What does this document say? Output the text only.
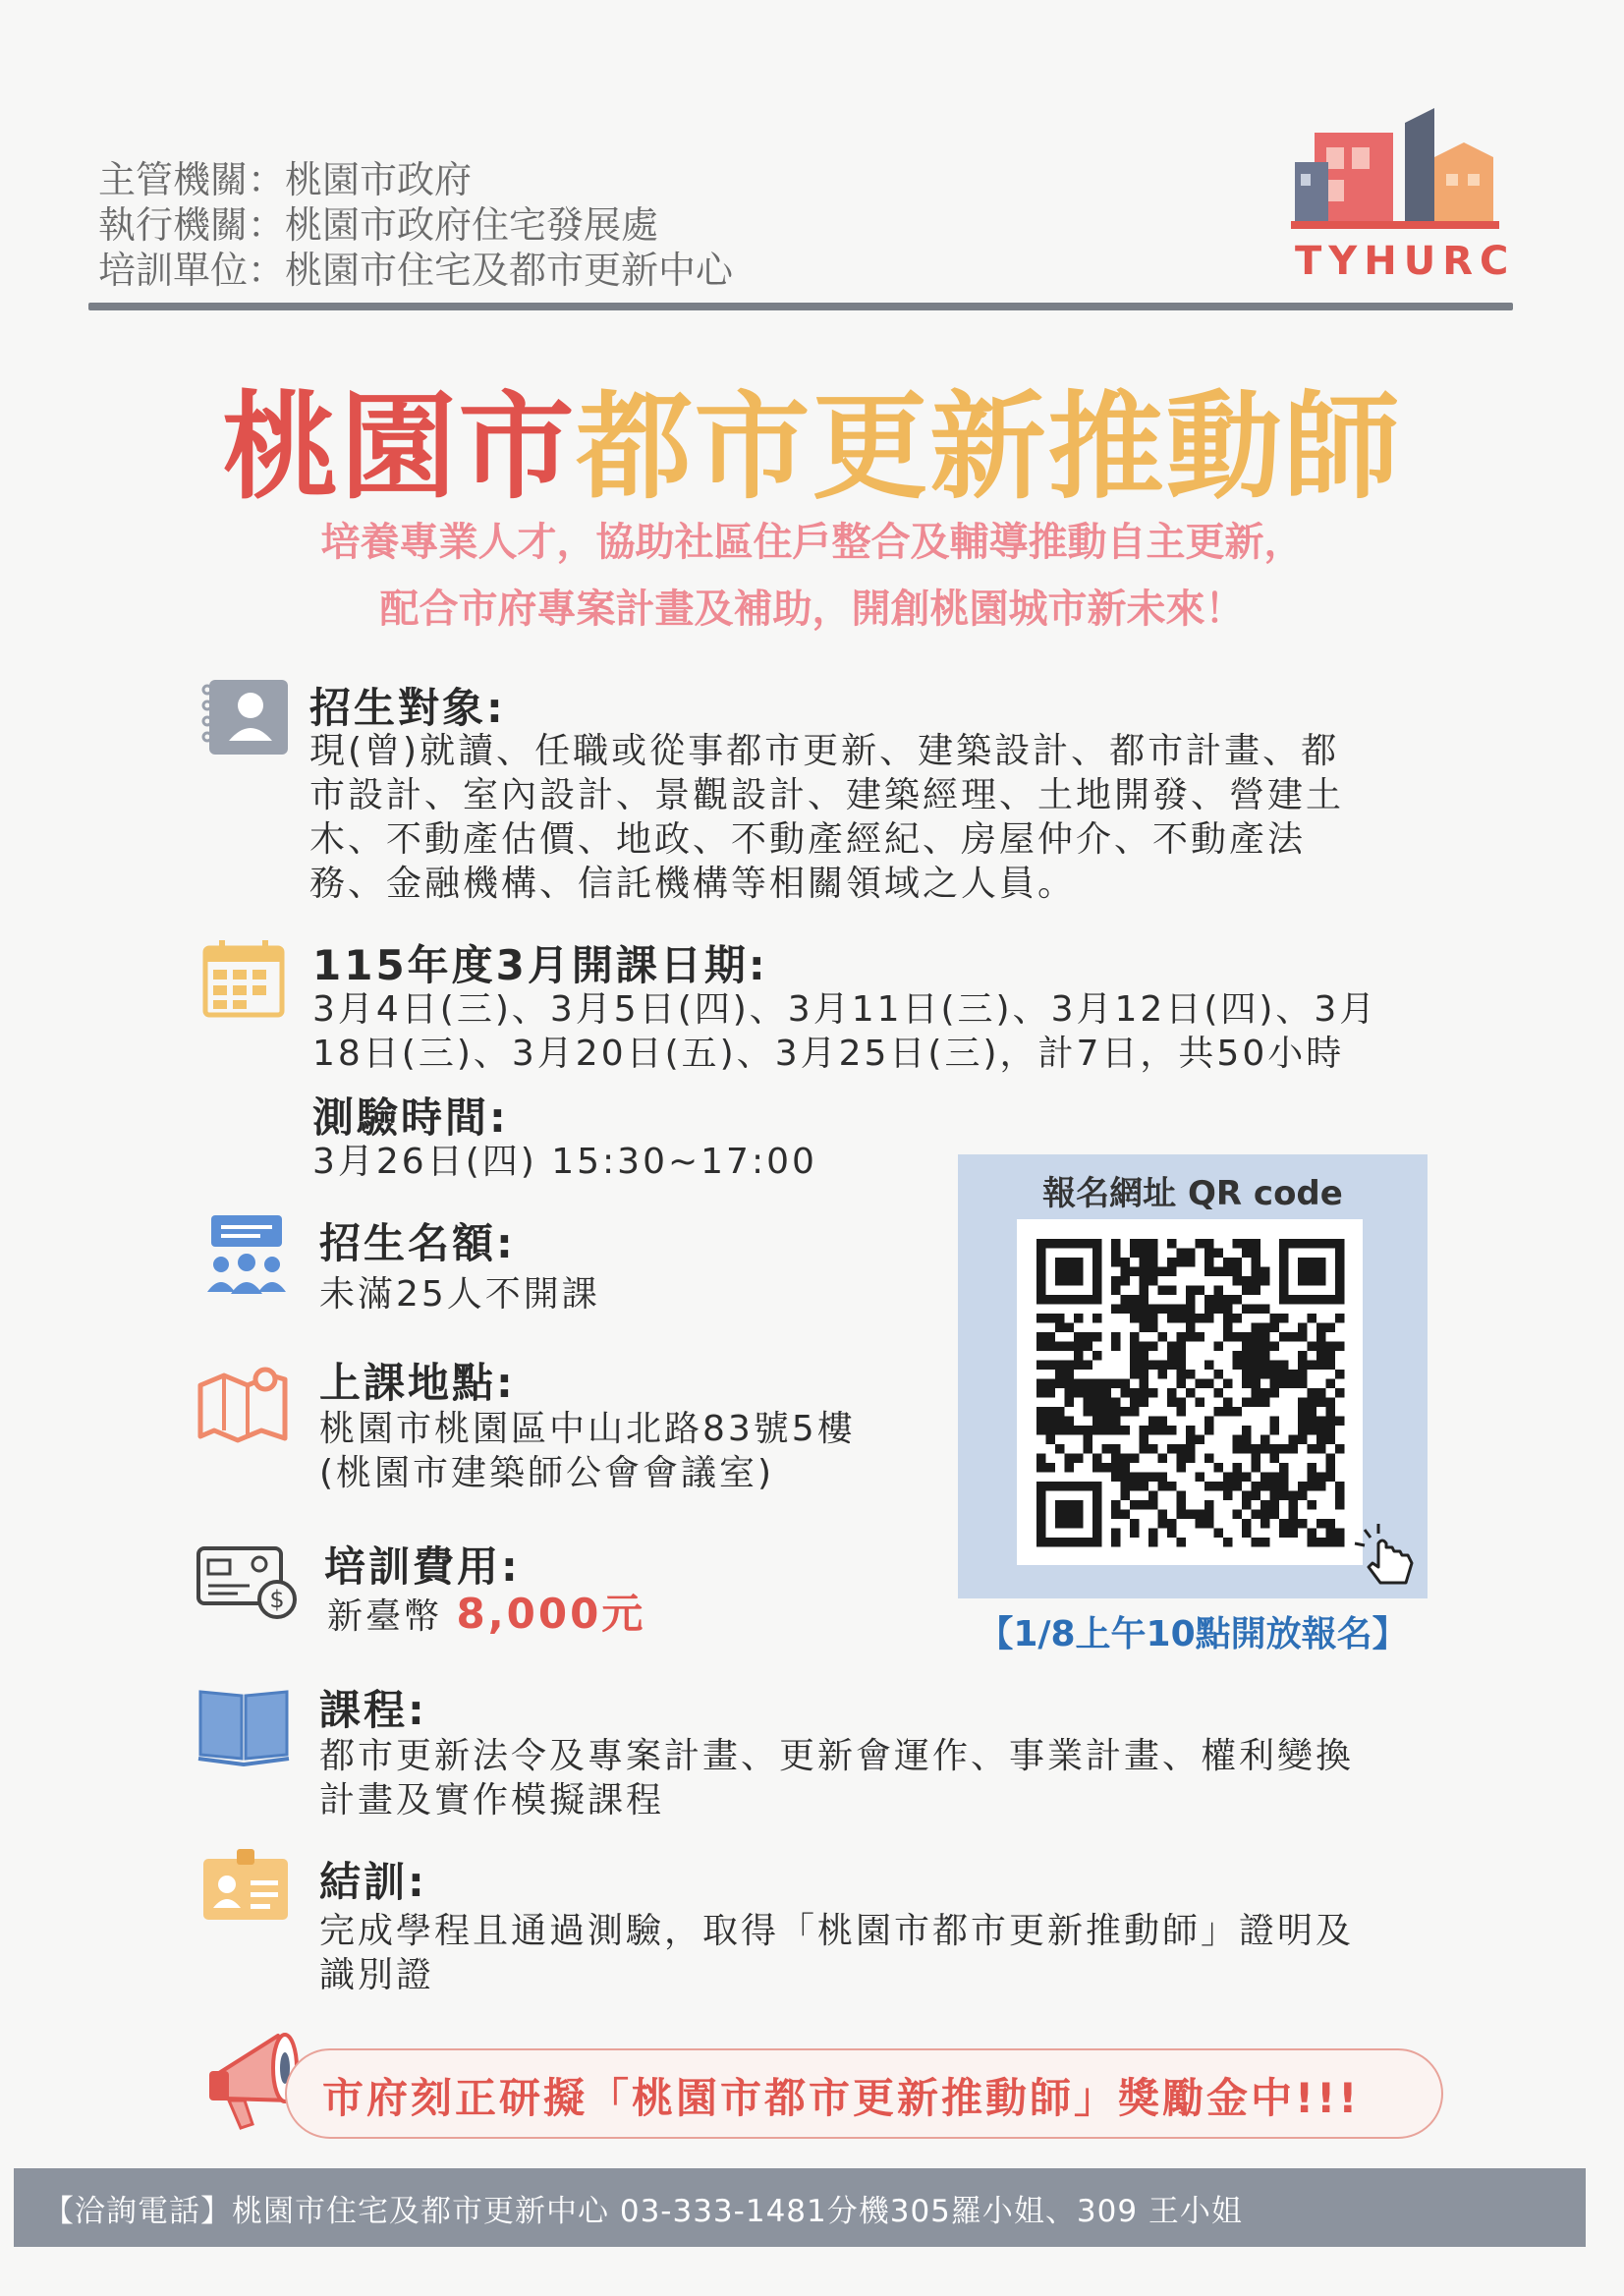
主管機關：桃園市政府
執行機關：桃園市政府住宅發展處
培訓單位：桃園市住宅及都市更新中心	TYHURC
桃園市都市更新推動師
培養專業人才，協助社區住戶整合及輔導推動自主更新，
配合市府專案計畫及補助，開創桃園城市新未來！
招生對象:
現(曾)就讀、任職或從事都市更新、建築設計、都市計畫、都
市設計、室內設計、景觀設計、建築經理、土地開發、營建土
木、不動產估價、地政、不動產經紀、房屋仲介、不動產法
務、金融機構、信託機構等相關領域之人員。
115年度3月開課日期:
3月4日(三)、3月5日(四)、3月11日(三)、3月12日(四)、3月
18日(三)、3月20日(五)、3月25日(三)，計7日，共50小時
測驗時間:
3月26日(四) 15:30~17:00
招生名額:
未滿25人不開課
上課地點:
桃園市桃園區中山北路83號5樓
(桃園市建築師公會會議室)
$
培訓費用:
新臺幣 8,000元
課程:
都市更新法令及專案計畫、更新會運作、事業計畫、權利變換
計畫及實作模擬課程
結訓:
完成學程且通過測驗，取得「桃園市都市更新推動師」證明及
識別證
報名網址 QR code
【1/8上午10點開放報名】
市府刻正研擬「桃園市都市更新推動師」獎勵金中!!!
【洽詢電話】桃園市住宅及都市更新中心 03-333-1481分機305羅小姐、309 王小姐
